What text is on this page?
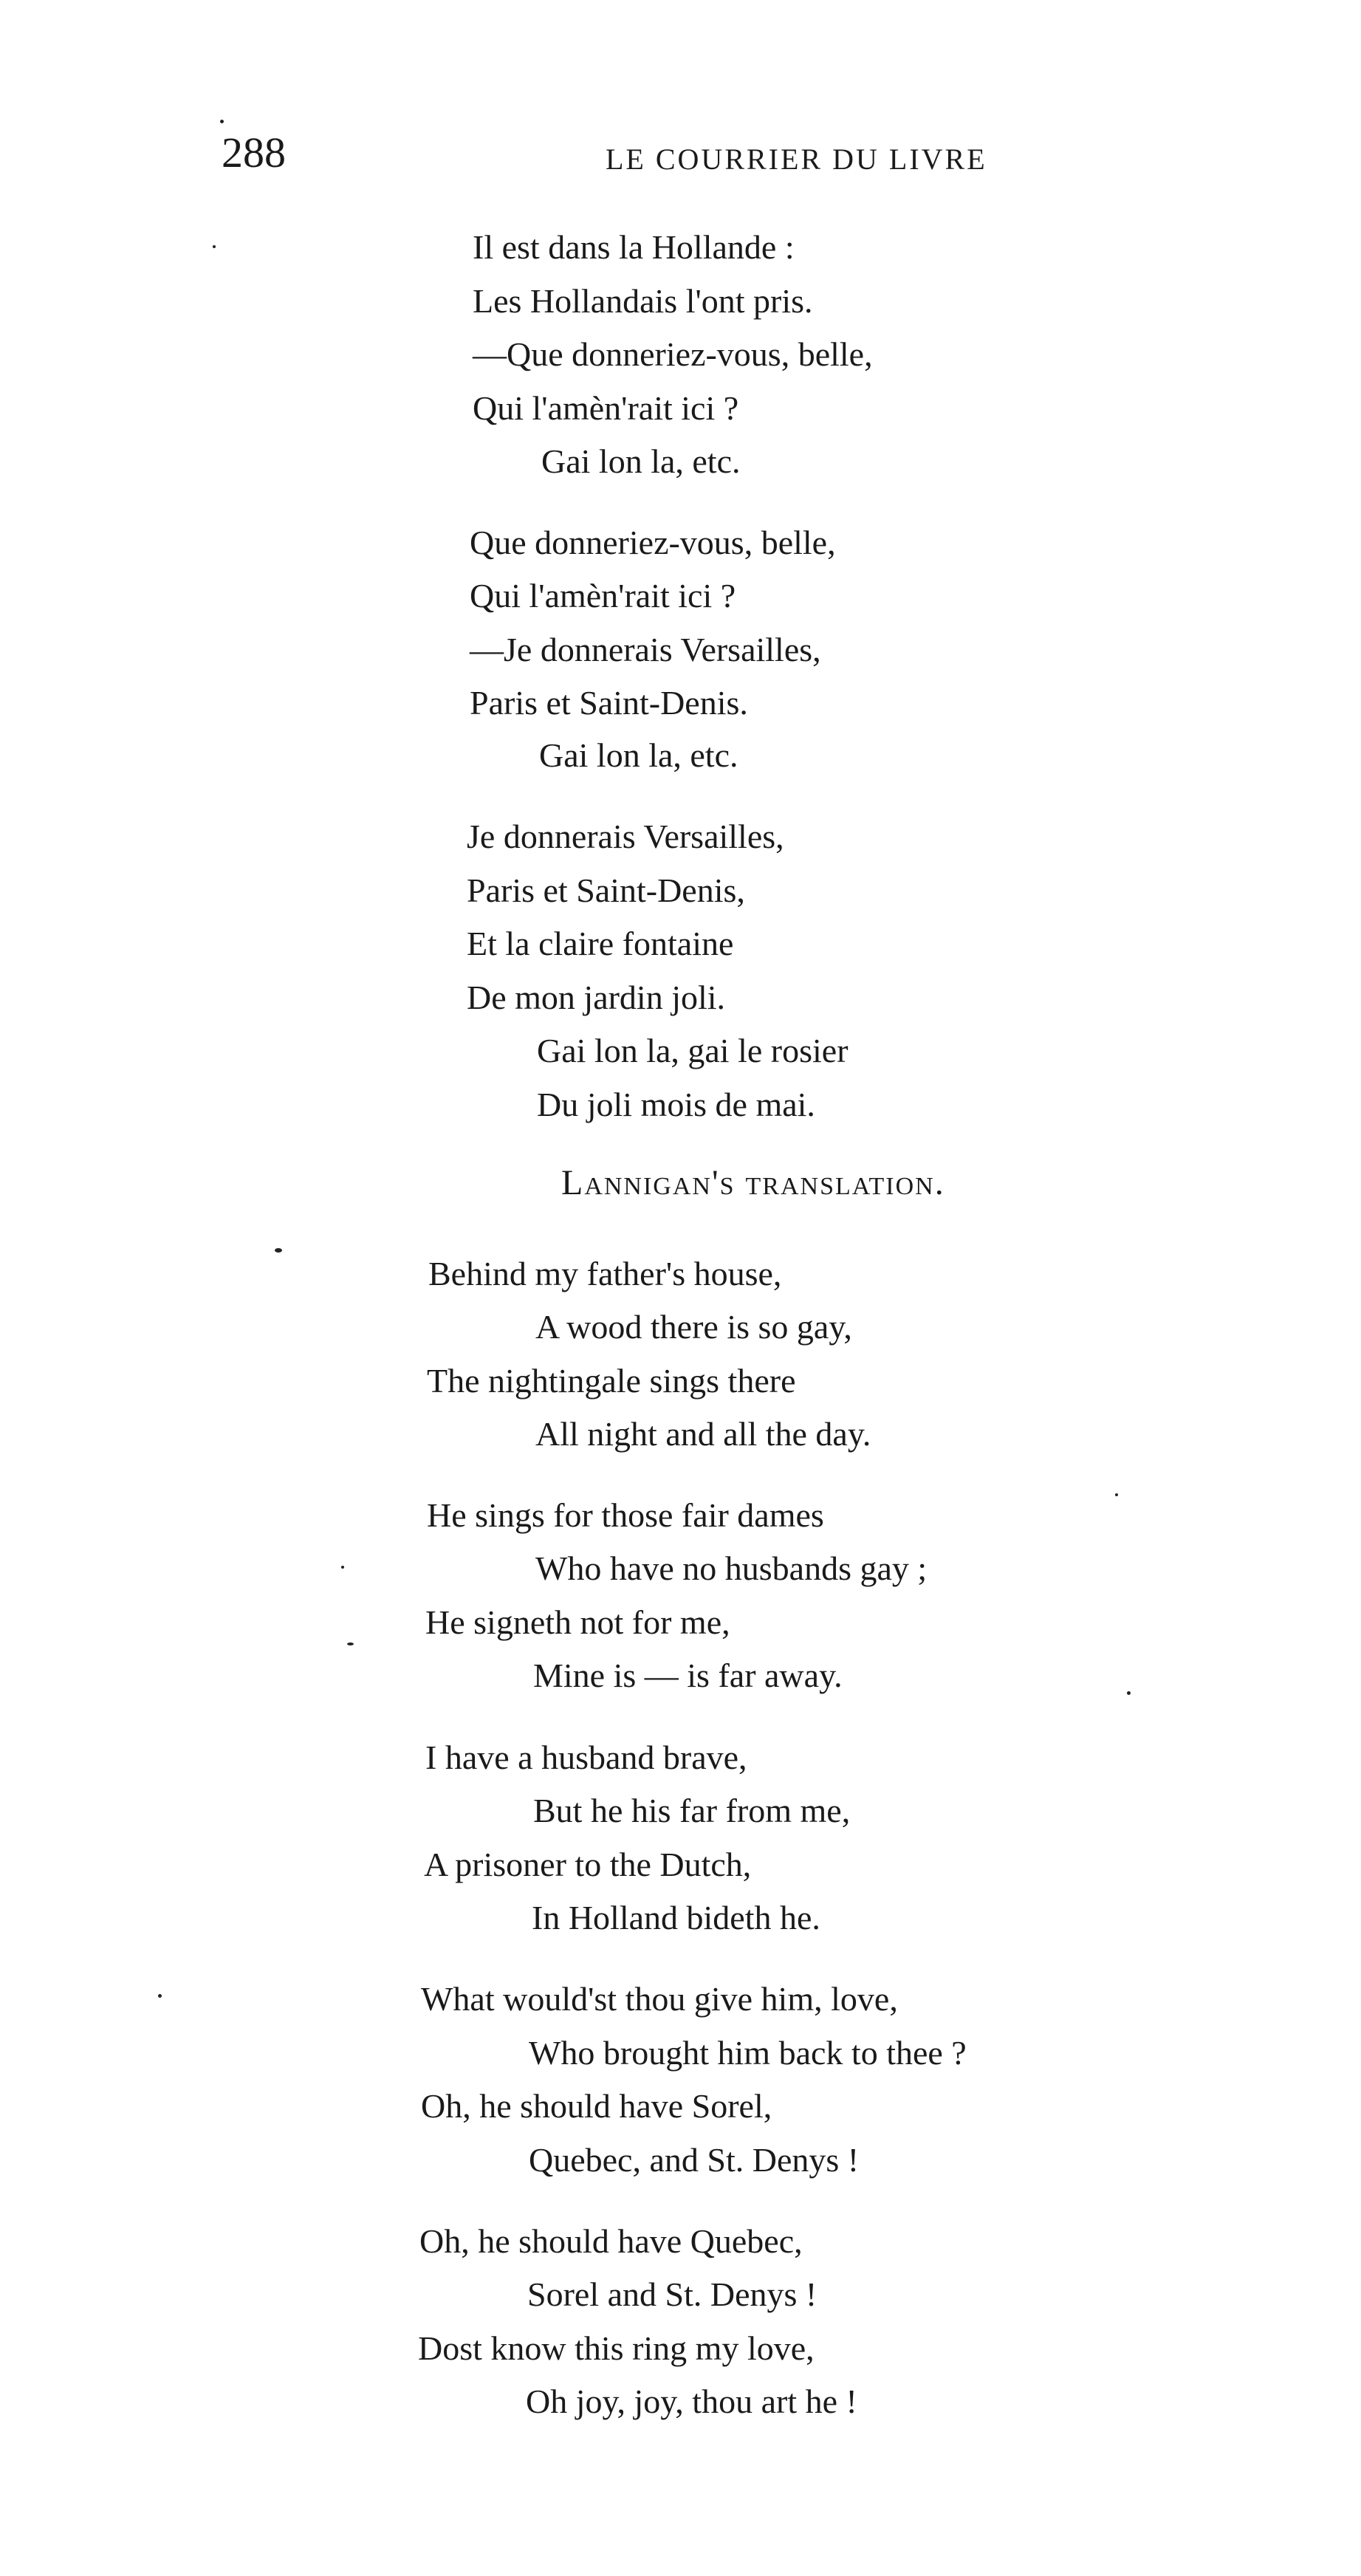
288	LE COURRIER DU LIVRE
Il est dans la Hollande :
Les Hollandais l'ont pris.
—Que donneriez-vous, belle,
Qui l'amèn'rait ici ?
Gai lon la, etc.
Que donneriez-vous, belle,
Qui l'amèn'rait ici ?
—Je donnerais Versailles,
Paris et Saint-Denis.
Gai lon la, etc.
Je donnerais Versailles,
Paris et Saint-Denis,
Et la claire fontaine
De mon jardin joli.
Gai lon la, gai le rosier
Du joli mois de mai.
Lannigan's translation.
Behind my father's house,
A wood there is so gay,
The nightingale sings there
All night and all the day.
He sings for those fair dames
Who have no husbands gay ;
He signeth not for me,
Mine is — is far away.
I have a husband brave,
But he his far from me,
A prisoner to the Dutch,
In Holland bideth he.
What would'st thou give him, love,
Who brought him back to thee ?
Oh, he should have Sorel,
Quebec, and St. Denys !
Oh, he should have Quebec,
Sorel and St. Denys !
Dost know this ring my love,
Oh joy, joy, thou art he !
